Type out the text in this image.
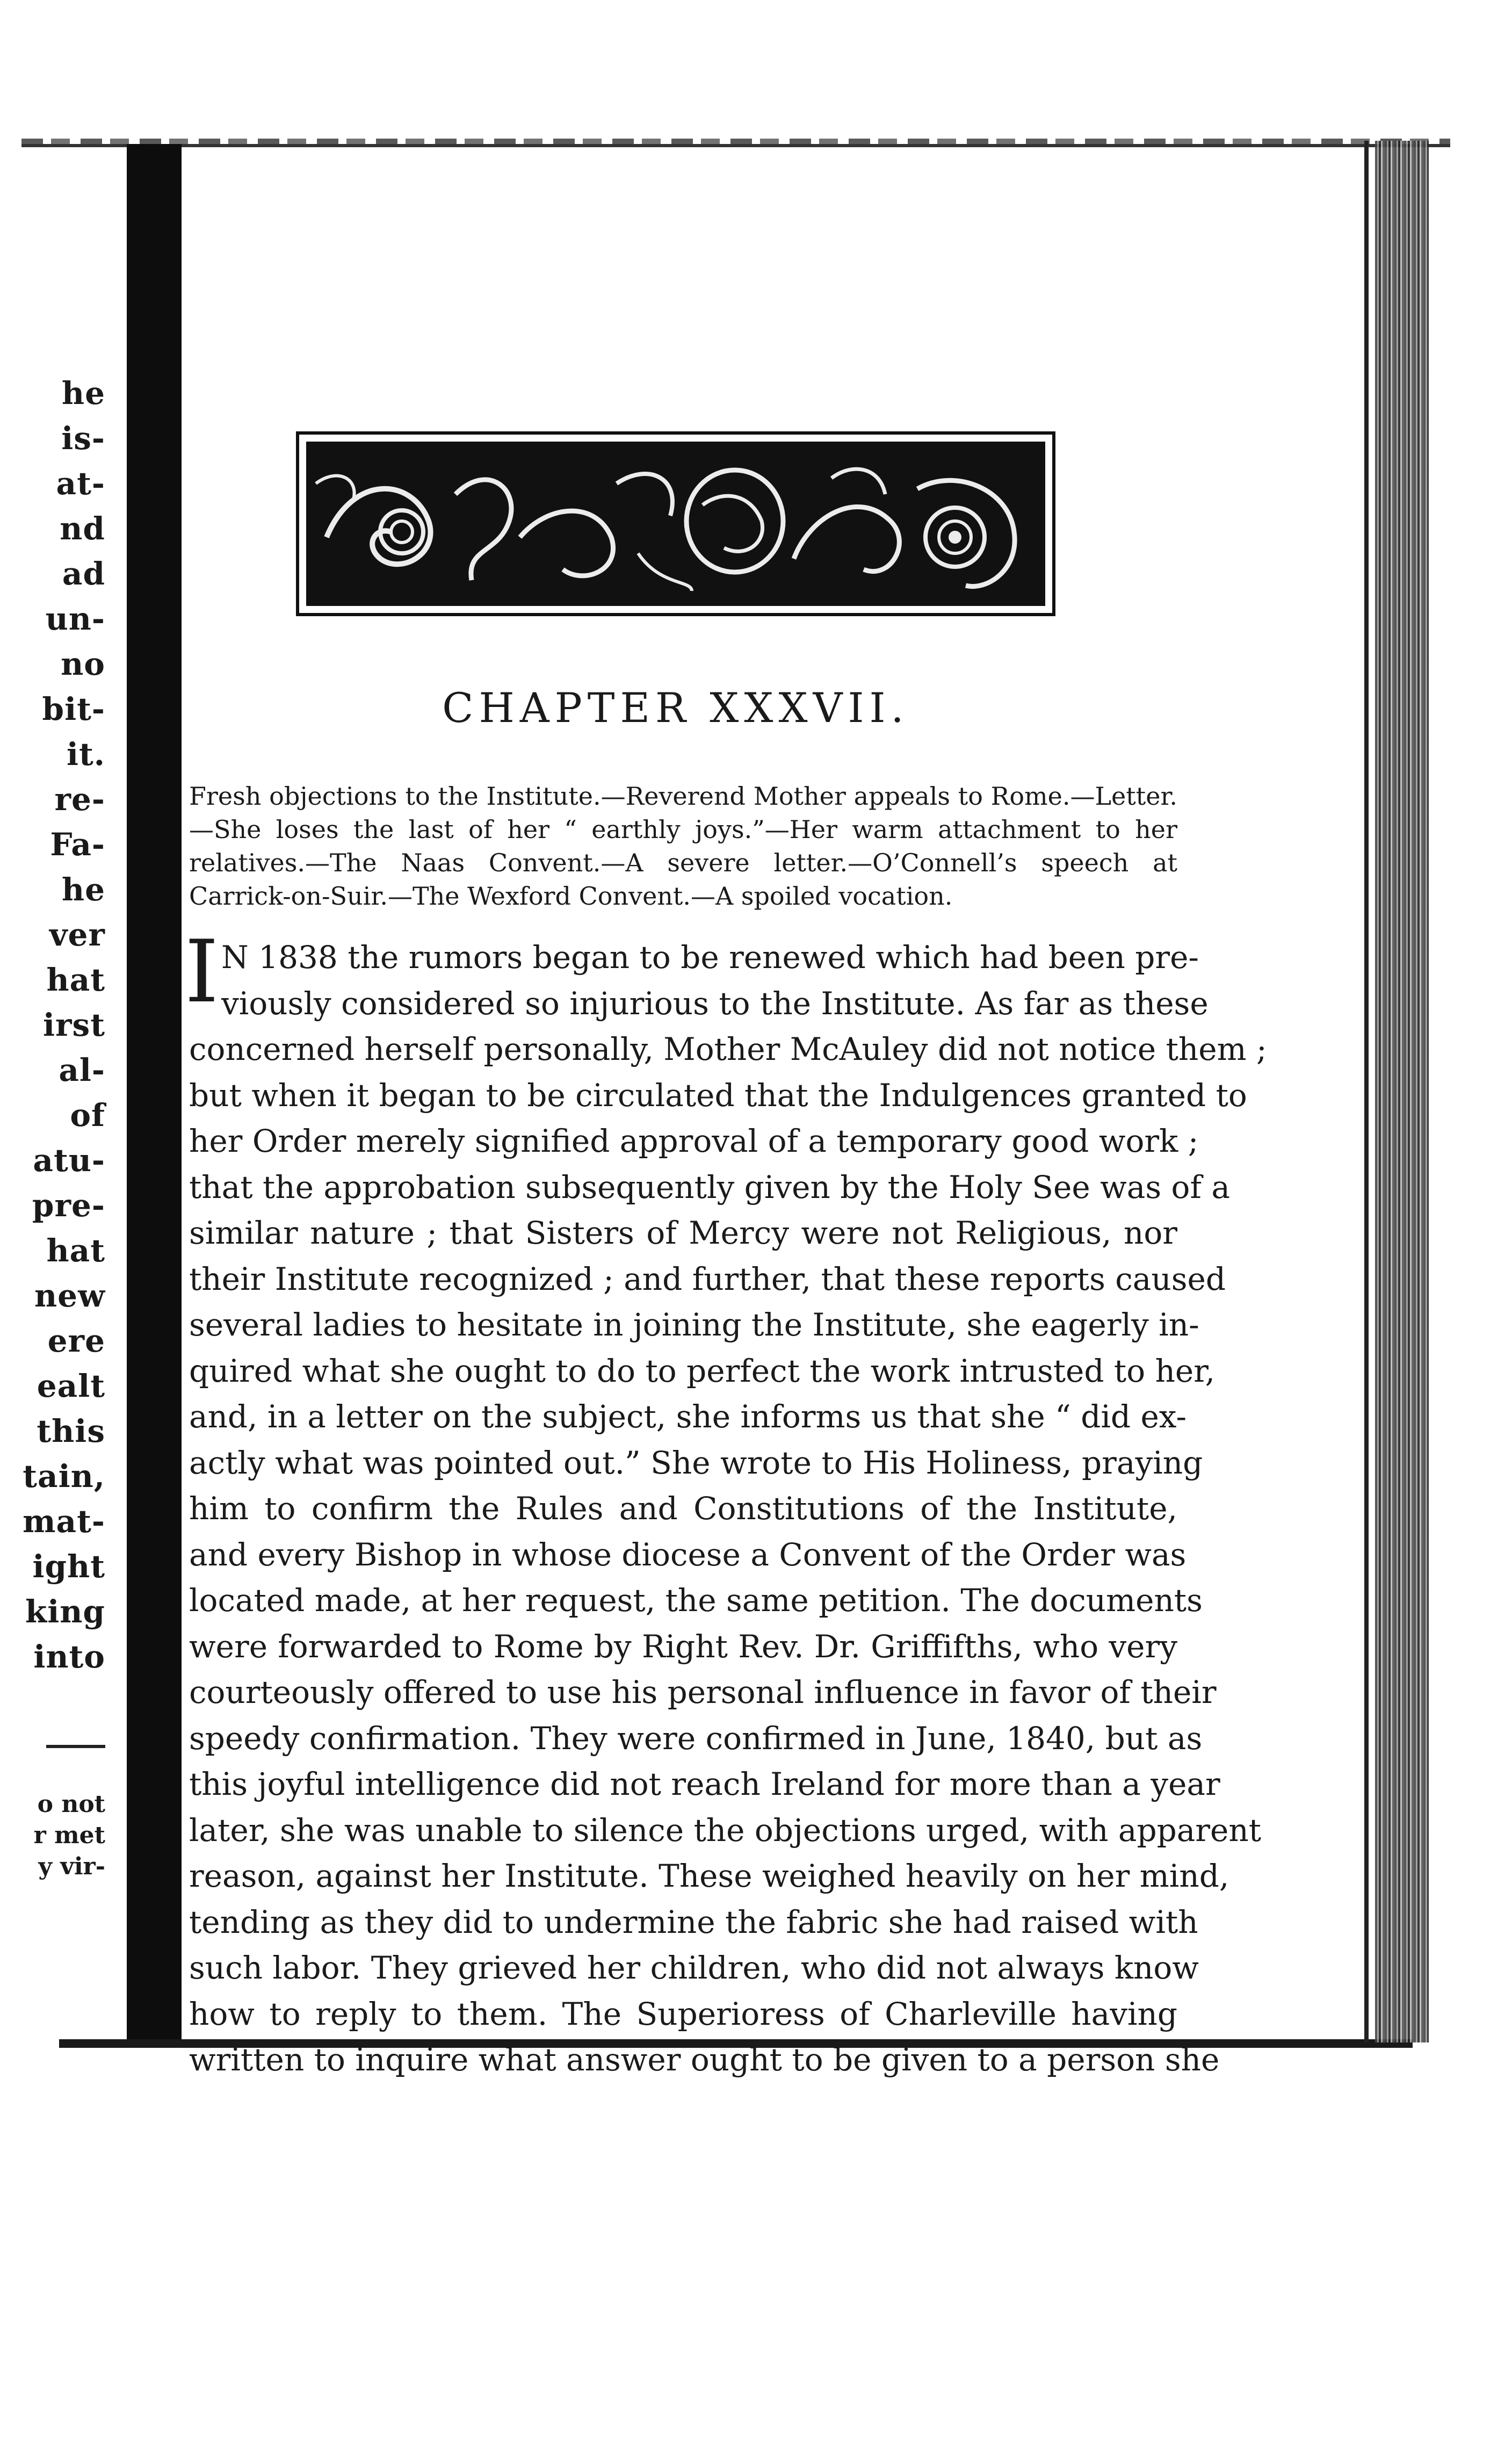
he
is-
at-
nd
ad
un-
no
bit-
it.
re-
Fa-
he
ver
hat
irst
al-
of
atu-
pre-
hat
new
ere
ealt
this
tain,
mat-
ight
king
into
o not
r met
y vir-
CHAPTER XXXVII.

Fresh objections to the Institute.—Reverend Mother appeals to Rome.—Letter.—She loses the last of her “ earthly joys.”—Her warm attachment to her relatives.—The Naas Convent.—A severe letter.—O’Connell’s speech at Carrick-on-Suir.—The Wexford Convent.—A spoiled vocation.

I N 1838 the rumors began to be renewed which had been pre-
viously considered so injurious to the Institute. As far as these
concerned herself personally, Mother McAuley did not notice them ;
but when it began to be circulated that the Indulgences granted to
her Order merely signified approval of a temporary good work ;
that the approbation subsequently given by the Holy See was of a
similar nature ; that Sisters of Mercy were not Religious, nor
their Institute recognized ; and further, that these reports caused
several ladies to hesitate in joining the Institute, she eagerly in-
quired what she ought to do to perfect the work intrusted to her,
and, in a letter on the subject, she informs us that she “ did ex-
actly what was pointed out.” She wrote to His Holiness, praying
him to confirm the Rules and Constitutions of the Institute,
and every Bishop in whose diocese a Convent of the Order was
located made, at her request, the same petition. The documents
were forwarded to Rome by Right Rev. Dr. Griffifths, who very
courteously offered to use his personal influence in favor of their
speedy confirmation. They were confirmed in June, 1840, but as
this joyful intelligence did not reach Ireland for more than a year
later, she was unable to silence the objections urged, with apparent
reason, against her Institute. These weighed heavily on her mind,
tending as they did to undermine the fabric she had raised with
such labor. They grieved her children, who did not always know
how to reply to them. The Superioress of Charleville having
written to inquire what answer ought to be given to a person she
